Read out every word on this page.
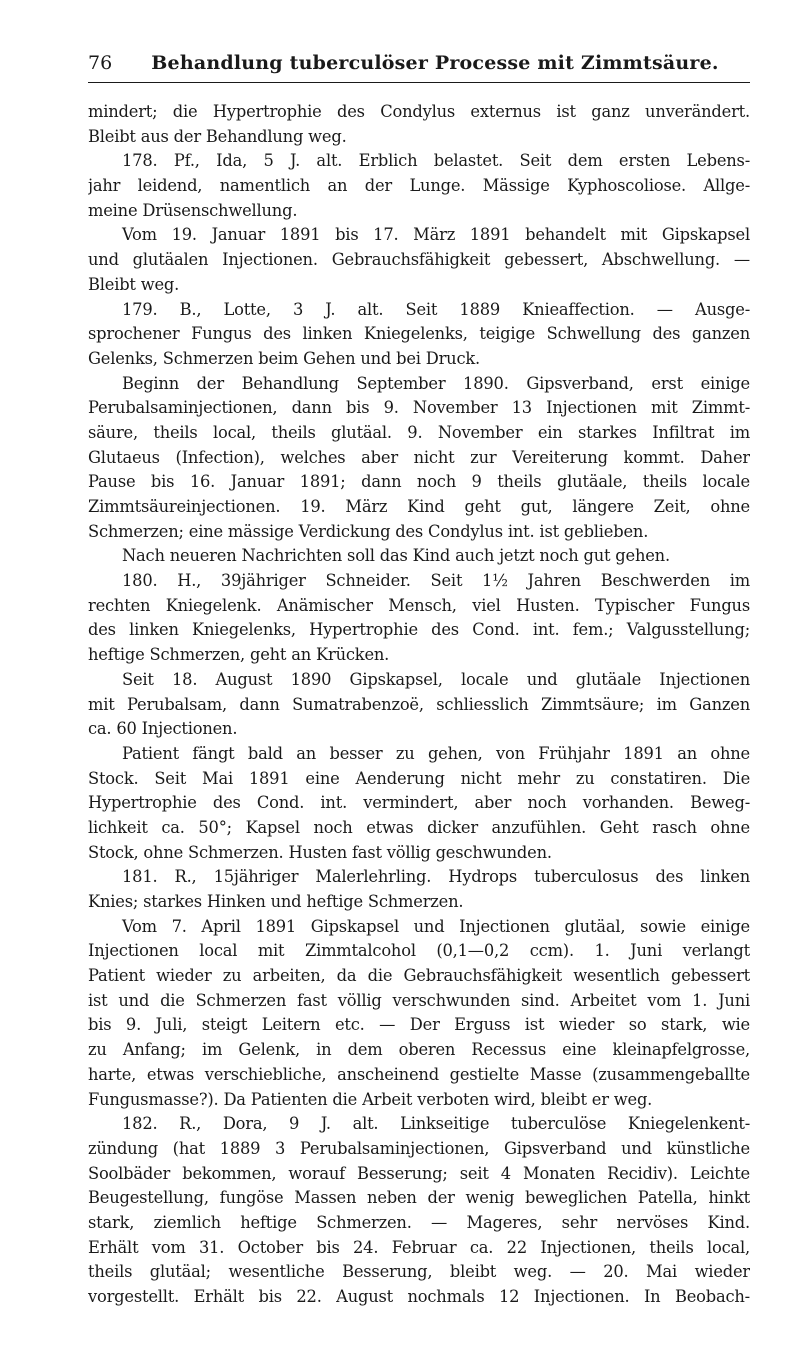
76	Behandlung tuberculöser Processe mit Zimmtsäure.
mindert; die Hypertrophie des Condylus externus ist ganz unverändert.
Bleibt aus der Behandlung weg.
178. Pf., Ida, 5 J. alt. Erblich belastet. Seit dem ersten Lebens-
jahr leidend, namentlich an der Lunge. Mässige Kyphoscoliose. Allge-
meine Drüsenschwellung.
Vom 19. Januar 1891 bis 17. März 1891 behandelt mit Gipskapsel
und glutäalen Injectionen. Gebrauchsfähigkeit gebessert, Abschwellung. —
Bleibt weg.
179. B., Lotte, 3 J. alt. Seit 1889 Knieaffection. — Ausge-
sprochener Fungus des linken Kniegelenks, teigige Schwellung des ganzen
Gelenks, Schmerzen beim Gehen und bei Druck.
Beginn der Behandlung September 1890. Gipsverband, erst einige
Perubalsaminjectionen, dann bis 9. November 13 Injectionen mit Zimmt-
säure, theils local, theils glutäal. 9. November ein starkes Infiltrat im
Glutaeus (Infection), welches aber nicht zur Vereiterung kommt. Daher
Pause bis 16. Januar 1891; dann noch 9 theils glutäale, theils locale
Zimmtsäureinjectionen. 19. März Kind geht gut, längere Zeit, ohne
Schmerzen; eine mässige Verdickung des Condylus int. ist geblieben.
Nach neueren Nachrichten soll das Kind auch jetzt noch gut gehen.
180. H., 39jähriger Schneider. Seit 1½ Jahren Beschwerden im
rechten Kniegelenk. Anämischer Mensch, viel Husten. Typischer Fungus
des linken Kniegelenks, Hypertrophie des Cond. int. fem.; Valgusstellung;
heftige Schmerzen, geht an Krücken.
Seit 18. August 1890 Gipskapsel, locale und glutäale Injectionen
mit Perubalsam, dann Sumatrabenzoë, schliesslich Zimmtsäure; im Ganzen
ca. 60 Injectionen.
Patient fängt bald an besser zu gehen, von Frühjahr 1891 an ohne
Stock. Seit Mai 1891 eine Aenderung nicht mehr zu constatiren. Die
Hypertrophie des Cond. int. vermindert, aber noch vorhanden. Beweg-
lichkeit ca. 50°; Kapsel noch etwas dicker anzufühlen. Geht rasch ohne
Stock, ohne Schmerzen. Husten fast völlig geschwunden.
181. R., 15jähriger Malerlehrling. Hydrops tuberculosus des linken
Knies; starkes Hinken und heftige Schmerzen.
Vom 7. April 1891 Gipskapsel und Injectionen glutäal, sowie einige
Injectionen local mit Zimmtalcohol (0,1—0,2 ccm). 1. Juni verlangt
Patient wieder zu arbeiten, da die Gebrauchsfähigkeit wesentlich gebessert
ist und die Schmerzen fast völlig verschwunden sind. Arbeitet vom 1. Juni
bis 9. Juli, steigt Leitern etc. — Der Erguss ist wieder so stark, wie
zu Anfang; im Gelenk, in dem oberen Recessus eine kleinapfelgrosse,
harte, etwas verschiebliche, anscheinend gestielte Masse (zusammengeballte
Fungusmasse?). Da Patienten die Arbeit verboten wird, bleibt er weg.
182. R., Dora, 9 J. alt. Linkseitige tuberculöse Kniegelenkent-
zündung (hat 1889 3 Perubalsaminjectionen, Gipsverband und künstliche
Soolbäder bekommen, worauf Besserung; seit 4 Monaten Recidiv). Leichte
Beugestellung, fungöse Massen neben der wenig beweglichen Patella, hinkt
stark, ziemlich heftige Schmerzen. — Mageres, sehr nervöses Kind.
Erhält vom 31. October bis 24. Februar ca. 22 Injectionen, theils local,
theils glutäal; wesentliche Besserung, bleibt weg. — 20. Mai wieder
vorgestellt. Erhält bis 22. August nochmals 12 Injectionen. In Beobach-
